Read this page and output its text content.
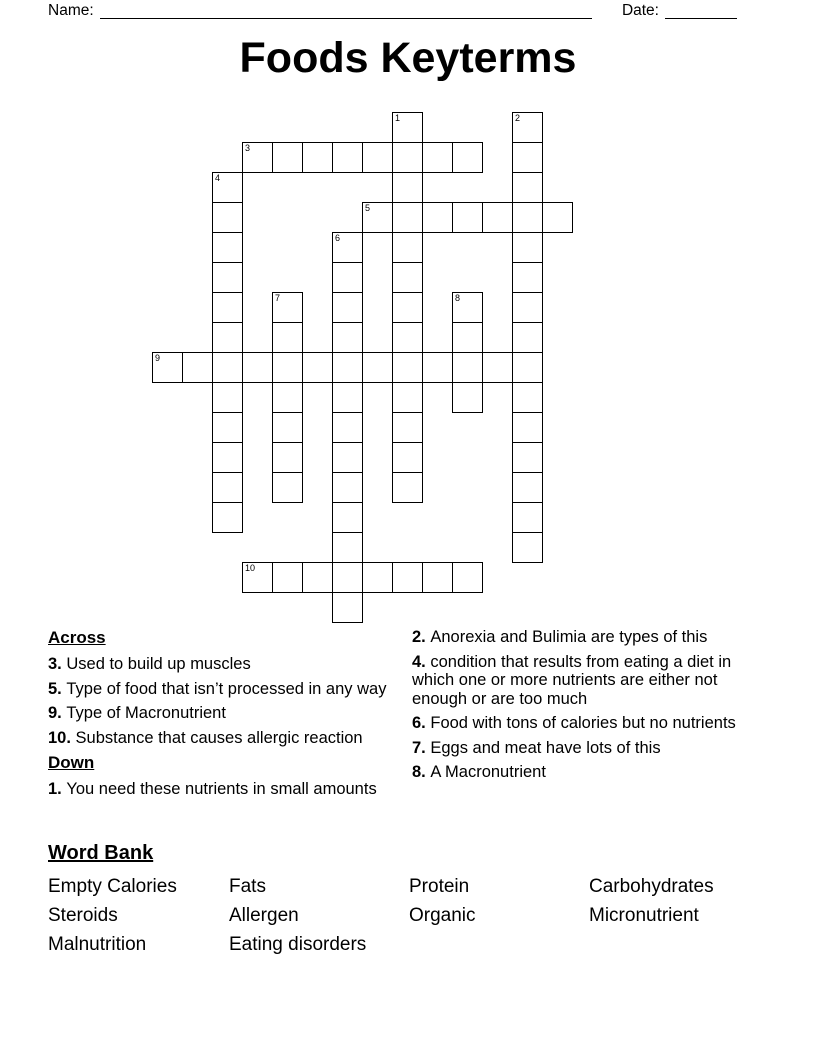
Name:	Date:
Foods Keyterms
1	2
3
4
5
6
7	8
9
10
Across

3. Used to build up muscles

5. Type of food that isn’t processed in any way

9. Type of Macronutrient

10. Substance that causes allergic reaction

Down

1. You need these nutrients in small amounts

2. Anorexia and Bulimia are types of this

4. condition that results from eating a diet in which one or more nutrients are either not enough or are too much

6. Food with tons of calories but no nutrients

7. Eggs and meat have lots of this

8. A Macronutrient

Word Bank
Empty Calories	Fats	Protein	Carbohydrates
Steroids	Allergen	Organic	Micronutrient
Malnutrition	Eating disorders
